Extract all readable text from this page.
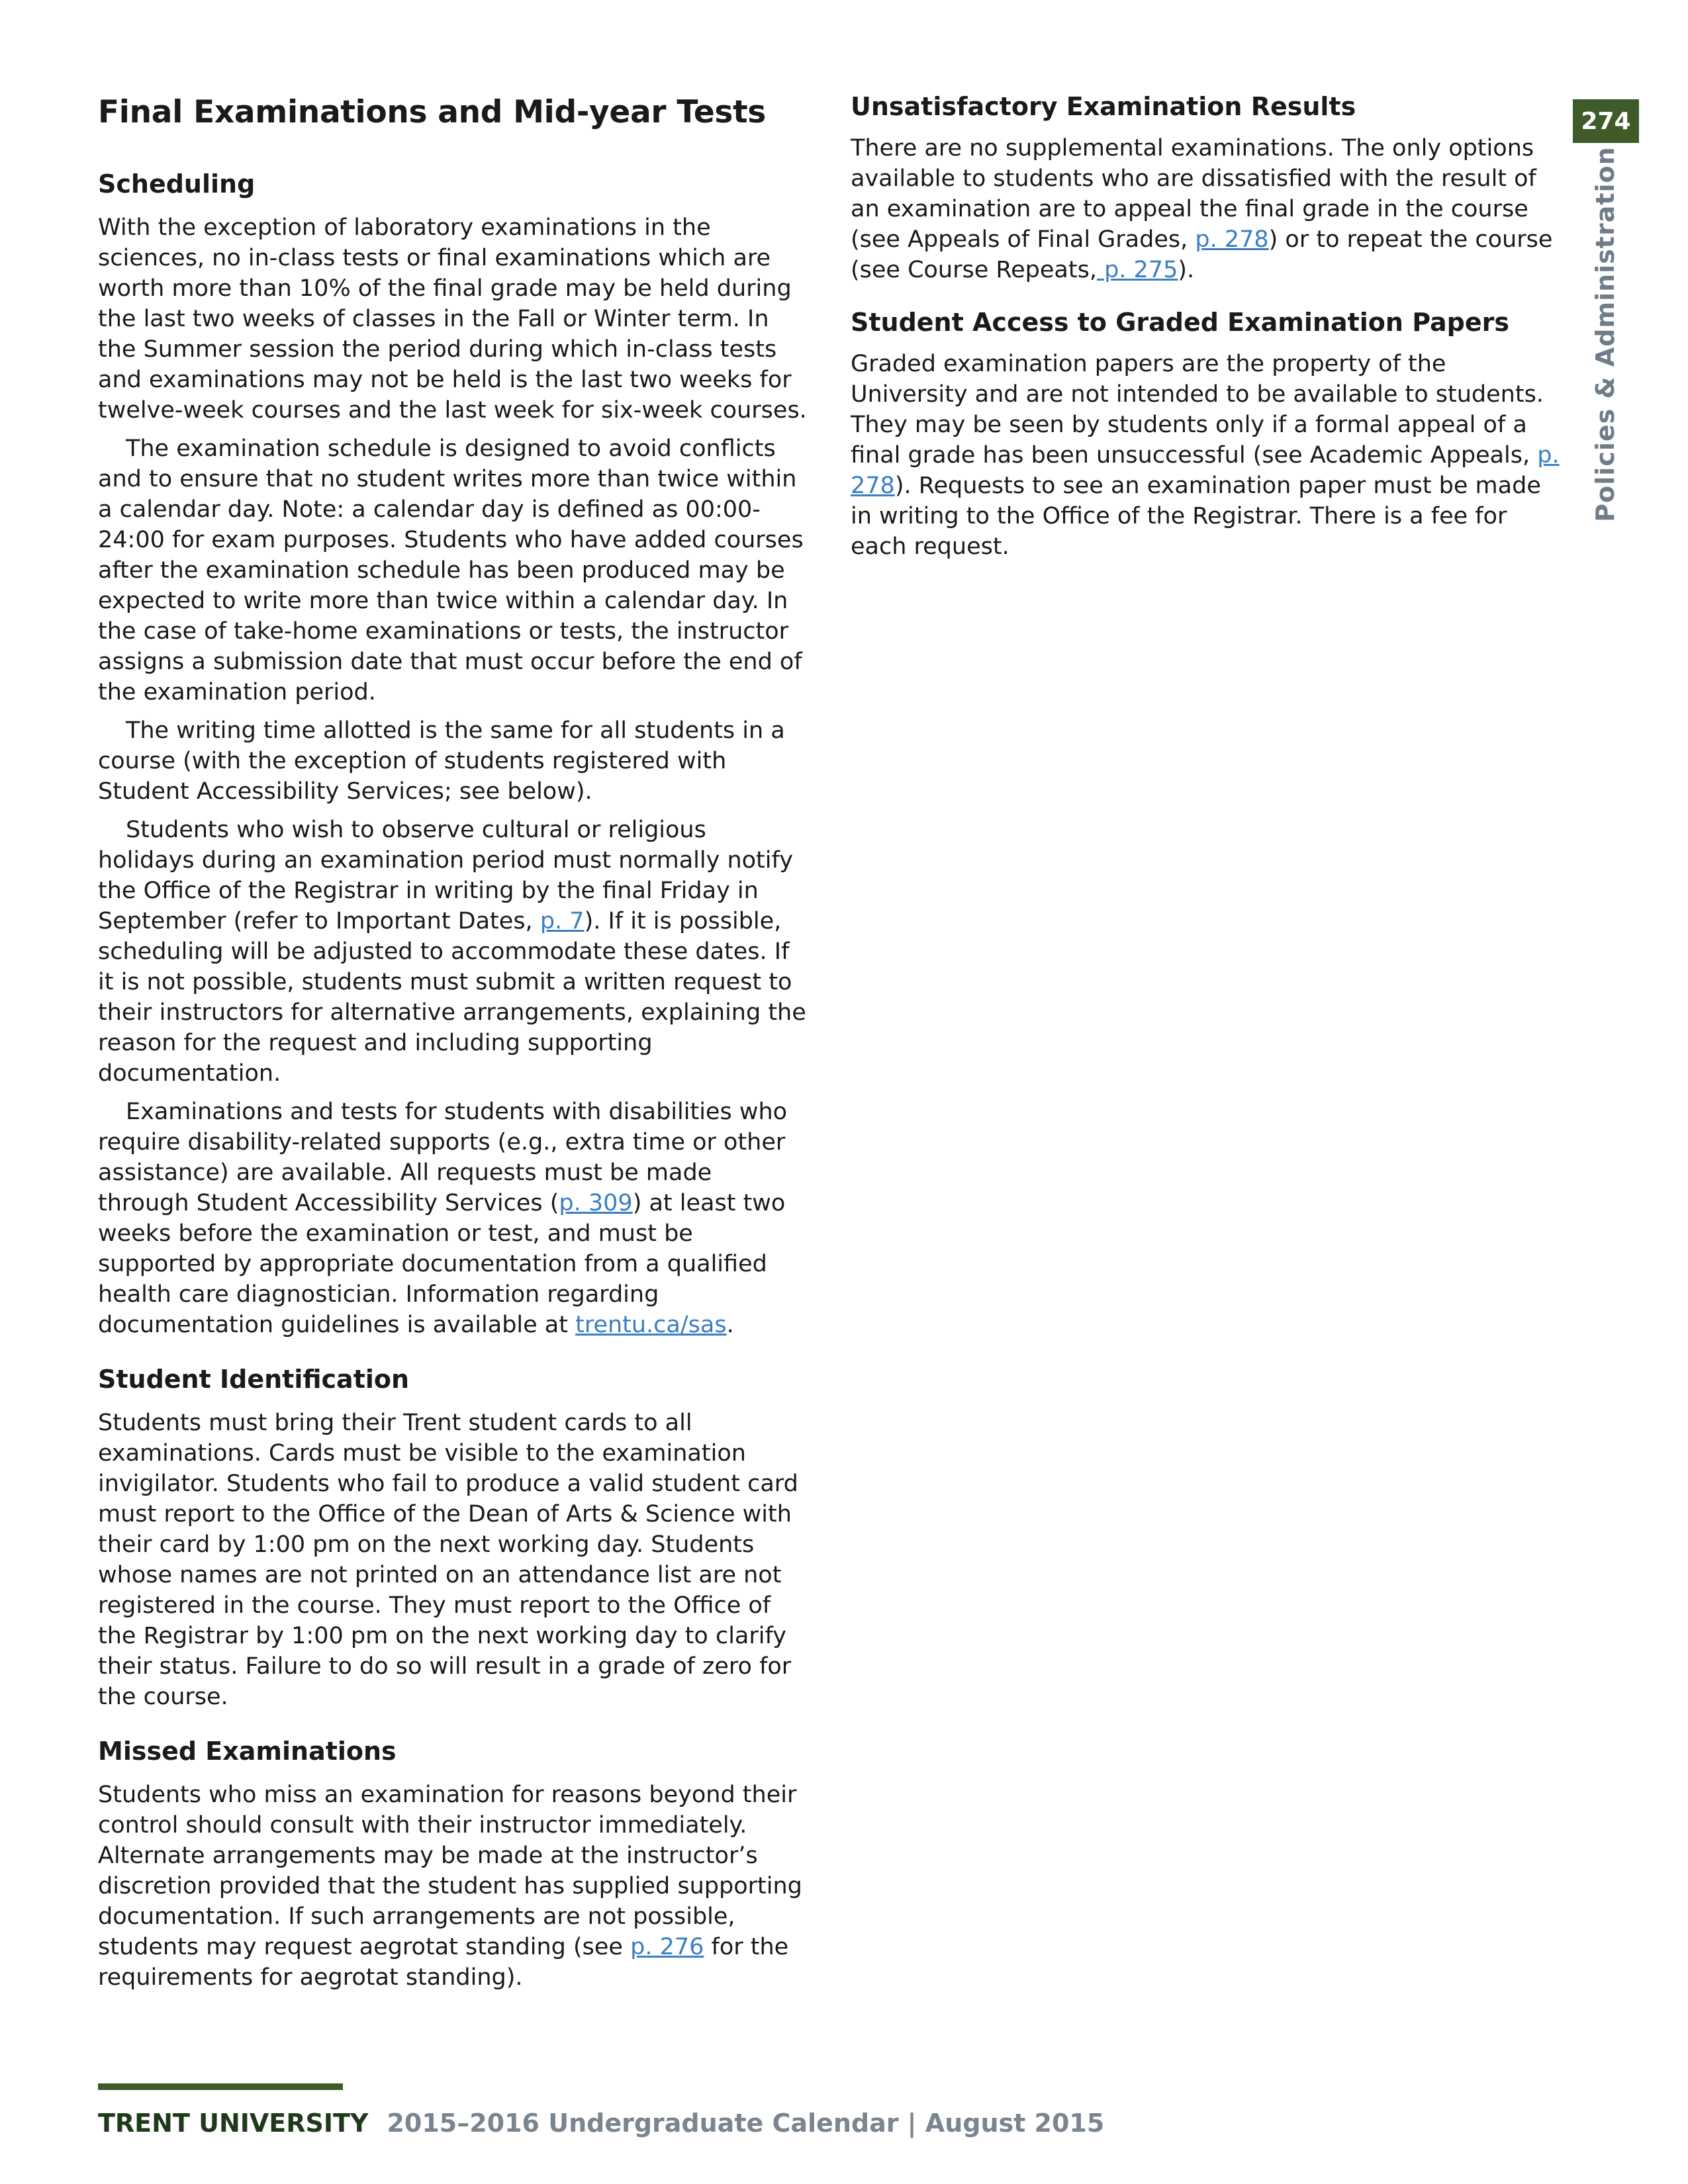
Final Examinations and Mid-year Tests
Scheduling

With the exception of laboratory examinations in the sciences, no in-class tests or final examinations which are worth more than 10% of the final grade may be held during the last two weeks of classes in the Fall or Winter term. In the Summer session the period during which in-class tests and examinations may not be held is the last two weeks for twelve-week courses and the last week for six-week courses.

The examination schedule is designed to avoid conflicts and to ensure that no student writes more than twice within a calendar day. Note: a calendar day is defined as 00:00-24:00 for exam purposes. Students who have added courses after the examination schedule has been produced may be expected to write more than twice within a calendar day. In the case of take-home examinations or tests, the instructor assigns a submission date that must occur before the end of the examination period.

The writing time allotted is the same for all students in a course (with the exception of students registered with Student Accessibility Services; see below).

Students who wish to observe cultural or religious holidays during an examination period must normally notify the Office of the Registrar in writing by the final Friday in September (refer to Important Dates, p. 7). If it is possible, scheduling will be adjusted to accommodate these dates. If it is not possible, students must submit a written request to their instructors for alternative arrangements, explaining the reason for the request and including supporting documentation.

Examinations and tests for students with disabilities who require disability-related supports (e.g., extra time or other assistance) are available. All requests must be made through Student Accessibility Services (p. 309) at least two weeks before the examination or test, and must be supported by appropriate documentation from a qualified health care diagnostician. Information regarding documentation guidelines is available at trentu.ca/sas.

Student Identification

Students must bring their Trent student cards to all examinations. Cards must be visible to the examination invigilator. Students who fail to produce a valid student card must report to the Office of the Dean of Arts & Science with their card by 1:00 pm on the next working day. Students whose names are not printed on an attendance list are not registered in the course. They must report to the Office of the Registrar by 1:00 pm on the next working day to clarify their status. Failure to do so will result in a grade of zero for the course.

Missed Examinations

Students who miss an examination for reasons beyond their control should consult with their instructor immediately. Alternate arrangements may be made at the instructor’s discretion provided that the student has supplied supporting documentation. If such arrangements are not possible, students may request aegrotat standing (see p. 276 for the requirements for aegrotat standing).

Unsatisfactory Examination Results

There are no supplemental examinations. The only options available to students who are dissatisfied with the result of an examination are to appeal the final grade in the course (see Appeals of Final Grades, p. 278) or to repeat the course (see Course Repeats, p. 275).

Student Access to Graded Examination Papers

Graded examination papers are the property of the University and are not intended to be available to students. They may be seen by students only if a formal appeal of a final grade has been unsuccessful (see Academic Appeals, p. 278). Requests to see an examination paper must be made in writing to the Office of the Registrar. There is a fee for each request.

274
Policies & Administration
TRENT UNIVERSITY 2015–2016 Undergraduate Calendar | August 2015
